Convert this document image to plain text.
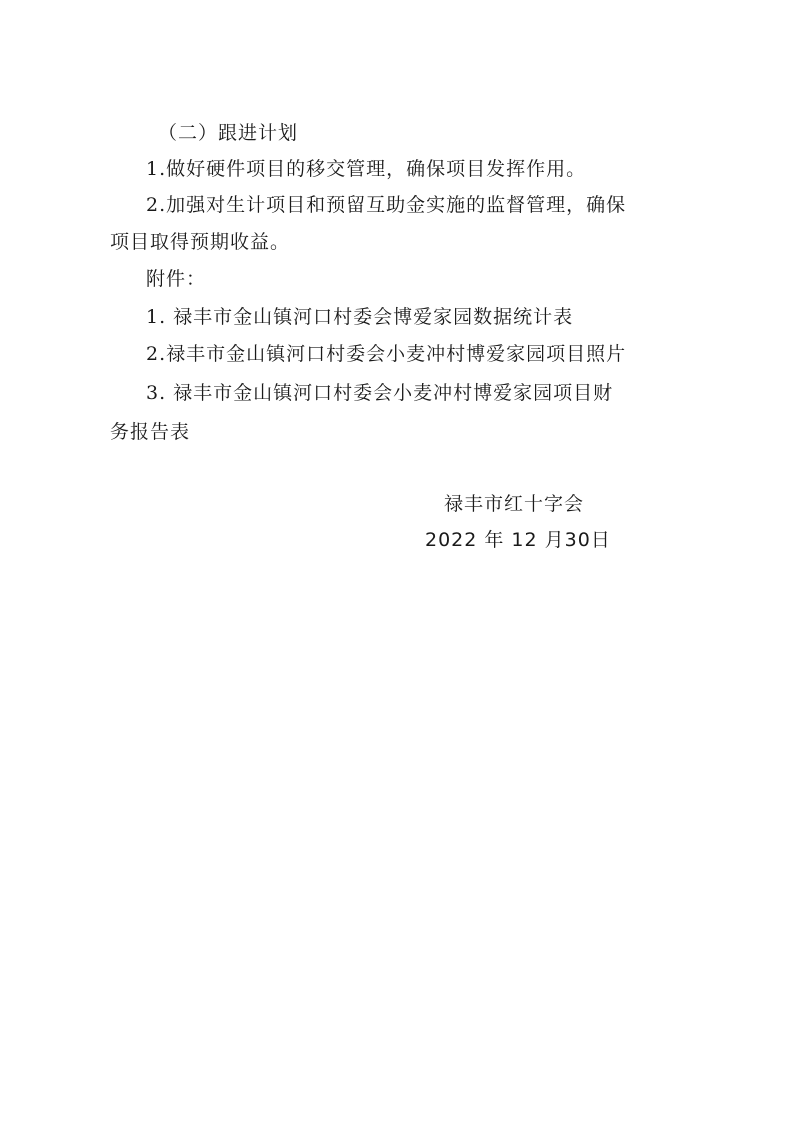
（二）跟进计划
1.做好硬件项目的移交管理，确保项目发挥作用。
2.加强对生计项目和预留互助金实施的监督管理，确保
项目取得预期收益。
附件：
1. 禄丰市金山镇河口村委会博爱家园数据统计表
2.禄丰市金山镇河口村委会小麦冲村博爱家园项目照片
3. 禄丰市金山镇河口村委会小麦冲村博爱家园项目财
务报告表
禄丰市红十字会
2022 年 12 月30日
